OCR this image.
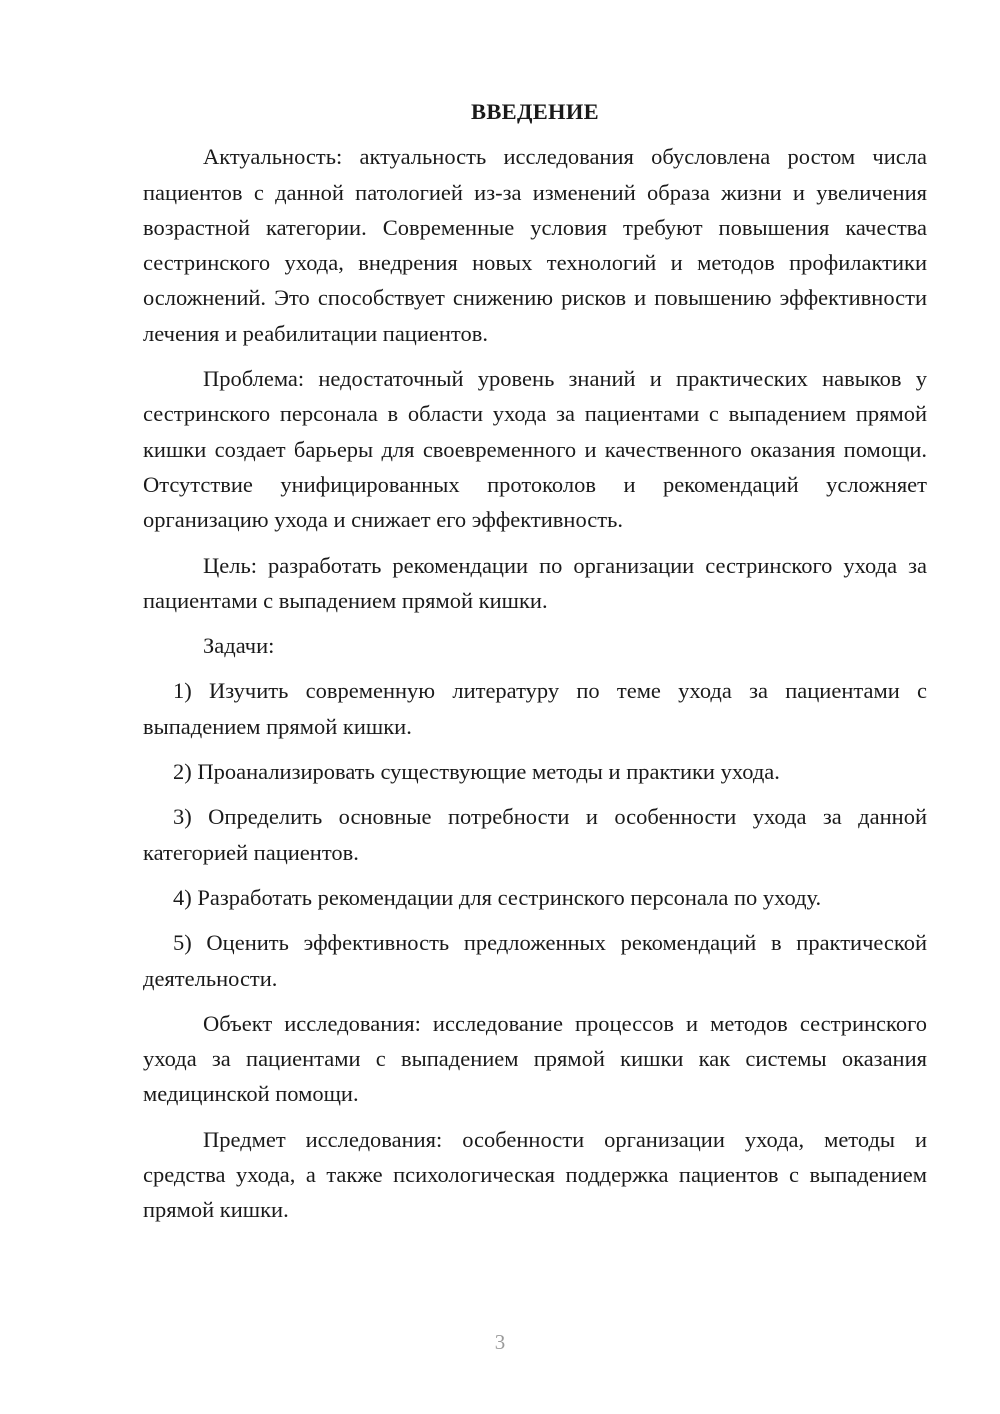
ВВЕДЕНИЕ

Актуальность: актуальность исследования обусловлена ростом числа пациентов с данной патологией из-за изменений образа жизни и увеличения возрастной категории. Современные условия требуют повышения качества сестринского ухода, внедрения новых технологий и методов профилактики осложнений. Это способствует снижению рисков и повышению эффективности лечения и реабилитации пациентов.

Проблема: недостаточный уровень знаний и практических навыков у сестринского персонала в области ухода за пациентами с выпадением прямой кишки создает барьеры для своевременного и качественного оказания помощи. Отсутствие унифицированных протоколов и рекомендаций усложняет организацию ухода и снижает его эффективность.

Цель: разработать рекомендации по организации сестринского ухода за пациентами с выпадением прямой кишки.

Задачи:

1) Изучить современную литературу по теме ухода за пациентами с выпадением прямой кишки.

2) Проанализировать существующие методы и практики ухода.

3) Определить основные потребности и особенности ухода за данной категорией пациентов.

4) Разработать рекомендации для сестринского персонала по уходу.

5) Оценить эффективность предложенных рекомендаций в практической деятельности.

Объект исследования: исследование процессов и методов сестринского ухода за пациентами с выпадением прямой кишки как системы оказания медицинской помощи.

Предмет исследования: особенности организации ухода, методы и средства ухода, а также психологическая поддержка пациентов с выпадением прямой кишки.

3
